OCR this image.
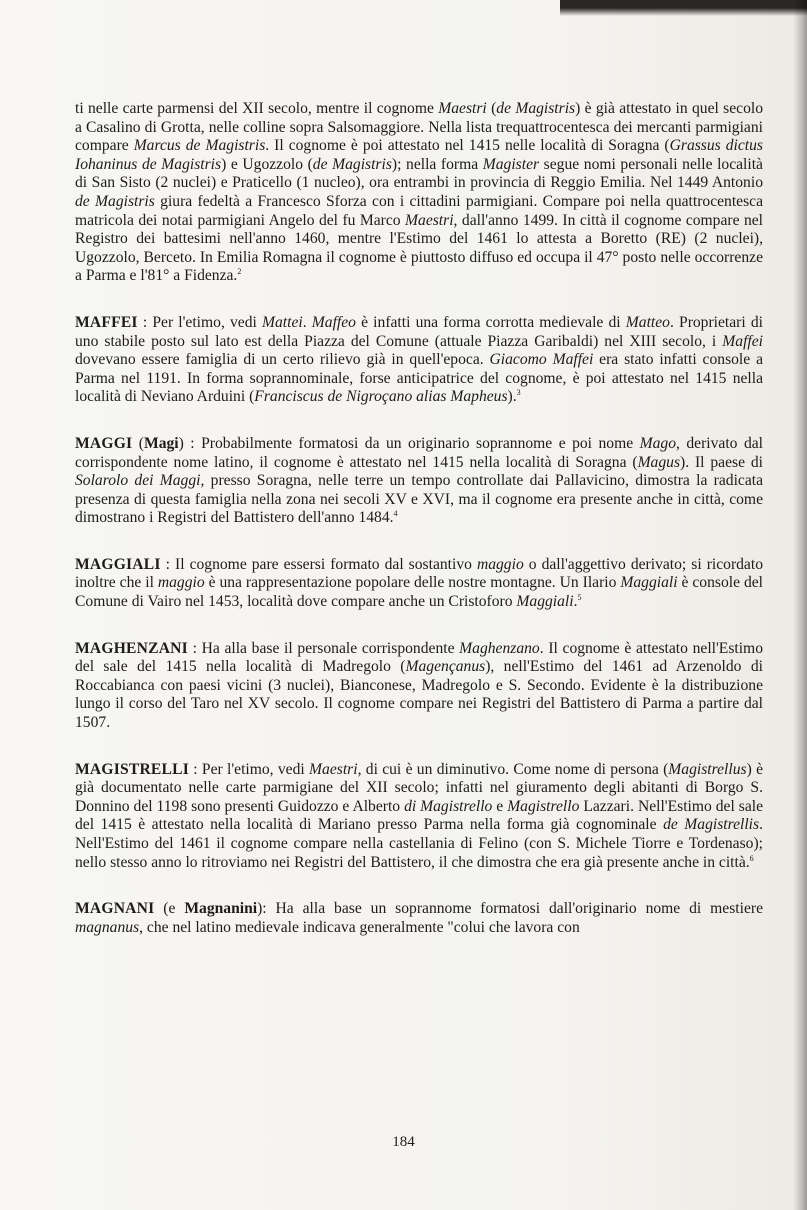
ti nelle carte parmensi del XII secolo, mentre il cognome Maestri (de Magistris) è già attestato in quel secolo a Casalino di Grotta, nelle colline sopra Salsomaggiore. Nella lista trequattrocentesca dei mercanti parmigiani compare Marcus de Magistris. Il cognome è poi attestato nel 1415 nelle località di Soragna (Grassus dictus Iohaninus de Magistris) e Ugozzolo (de Magistris); nella forma Magister segue nomi personali nelle località di San Sisto (2 nuclei) e Praticello (1 nucleo), ora entrambi in provincia di Reggio Emilia. Nel 1449 Antonio de Magistris giura fedeltà a Francesco Sforza con i cittadini parmigiani. Compare poi nella quattrocentesca matricola dei notai parmigiani Angelo del fu Marco Maestri, dall'anno 1499. In città il cognome compare nel Registro dei battesimi nell'anno 1460, mentre l'Estimo del 1461 lo attesta a Boretto (RE) (2 nuclei), Ugozzolo, Berceto. In Emilia Romagna il cognome è piuttosto diffuso ed occupa il 47° posto nelle occorrenze a Parma e l'81° a Fidenza.$^2$

MAFFEI : Per l'etimo, vedi Mattei. Maffeo è infatti una forma corrotta medievale di Matteo. Proprietari di uno stabile posto sul lato est della Piazza del Comune (attuale Piazza Garibaldi) nel XIII secolo, i Maffei dovevano essere famiglia di un certo rilievo già in quell'epoca. Giacomo Maffei era stato infatti console a Parma nel 1191. In forma soprannominale, forse anticipatrice del cognome, è poi attestato nel 1415 nella località di Neviano Arduini (Franciscus de Nigroçano alias Mapheus).$^3$

MAGGI (Magi) : Probabilmente formatosi da un originario soprannome e poi nome Mago, derivato dal corrispondente nome latino, il cognome è attestato nel 1415 nella località di Soragna (Magus). Il paese di Solarolo dei Maggi, presso Soragna, nelle terre un tempo controllate dai Pallavicino, dimostra la radicata presenza di questa famiglia nella zona nei secoli XV e XVI, ma il cognome era presente anche in città, come dimostrano i Registri del Battistero dell'anno 1484.$^4$

MAGGIALI : Il cognome pare essersi formato dal sostantivo maggio o dall'aggettivo derivato; si ricordato inoltre che il maggio è una rappresentazione popolare delle nostre montagne. Un Ilario Maggiali è console del Comune di Vairo nel 1453, località dove compare anche un Cristoforo Maggiali.$^5$

MAGHENZANI : Ha alla base il personale corrispondente Maghenzano. Il cognome è attestato nell'Estimo del sale del 1415 nella località di Madregolo (Magençanus), nell'Estimo del 1461 ad Arzenoldo di Roccabianca con paesi vicini (3 nuclei), Bianconese, Madregolo e S. Secondo. Evidente è la distribuzione lungo il corso del Taro nel XV secolo. Il cognome compare nei Registri del Battistero di Parma a partire dal 1507.

MAGISTRELLI : Per l'etimo, vedi Maestri, di cui è un diminutivo. Come nome di persona (Magistrellus) è già documentato nelle carte parmigiane del XII secolo; infatti nel giuramento degli abitanti di Borgo S. Donnino del 1198 sono presenti Guidozzo e Alberto di Magistrello e Magistrello Lazzari. Nell'Estimo del sale del 1415 è attestato nella località di Mariano presso Parma nella forma già cognominale de Magistrellis. Nell'Estimo del 1461 il cognome compare nella castellania di Felino (con S. Michele Tiorre e Tordenaso); nello stesso anno lo ritroviamo nei Registri del Battistero, il che dimostra che era già presente anche in città.$^6$

MAGNANI (e Magnanini): Ha alla base un soprannome formatosi dall'originario nome di mestiere magnanus, che nel latino medievale indicava generalmente "colui che lavora con

184
